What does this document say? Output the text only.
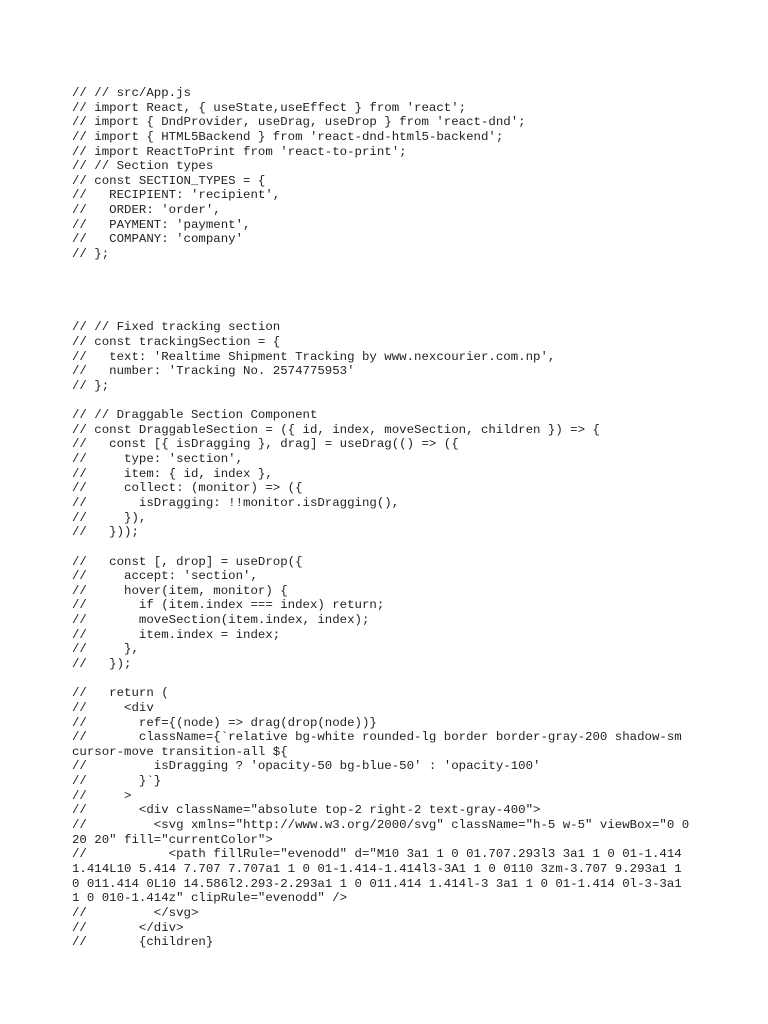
// // src/App.js
// import React, { useState,useEffect } from 'react';
// import { DndProvider, useDrag, useDrop } from 'react-dnd';
// import { HTML5Backend } from 'react-dnd-html5-backend';
// import ReactToPrint from 'react-to-print';
// // Section types
// const SECTION_TYPES = {
//   RECIPIENT: 'recipient',
//   ORDER: 'order',
//   PAYMENT: 'payment',
//   COMPANY: 'company'
// };
// // Fixed tracking section
// const trackingSection = {
//   text: 'Realtime Shipment Tracking by www.nexcourier.com.np',
//   number: 'Tracking No. 2574775953'
// };
// // Draggable Section Component
// const DraggableSection = ({ id, index, moveSection, children }) => {
//   const [{ isDragging }, drag] = useDrag(() => ({
//     type: 'section',
//     item: { id, index },
//     collect: (monitor) => ({
//       isDragging: !!monitor.isDragging(),
//     }),
//   }));
//   const [, drop] = useDrop({
//     accept: 'section',
//     hover(item, monitor) {
//       if (item.index === index) return;
//       moveSection(item.index, index);
//       item.index = index;
//     },
//   });
//   return (
//     <div
//       ref={(node) => drag(drop(node))}
//       className={`relative bg-white rounded-lg border border-gray-200 shadow-sm
cursor-move transition-all ${
//         isDragging ? 'opacity-50 bg-blue-50' : 'opacity-100'
//       }`}
//     >
//       <div className="absolute top-2 right-2 text-gray-400">
//         <svg xmlns="http://www.w3.org/2000/svg" className="h-5 w-5" viewBox="0 0
20 20" fill="currentColor">
//           <path fillRule="evenodd" d="M10 3a1 1 0 01.707.293l3 3a1 1 0 01-1.414
1.414L10 5.414 7.707 7.707a1 1 0 01-1.414-1.414l3-3A1 1 0 0110 3zm-3.707 9.293a1 1
0 011.414 0L10 14.586l2.293-2.293a1 1 0 011.414 1.414l-3 3a1 1 0 01-1.414 0l-3-3a1
1 0 010-1.414z" clipRule="evenodd" />
//         </svg>
//       </div>
//       {children}
